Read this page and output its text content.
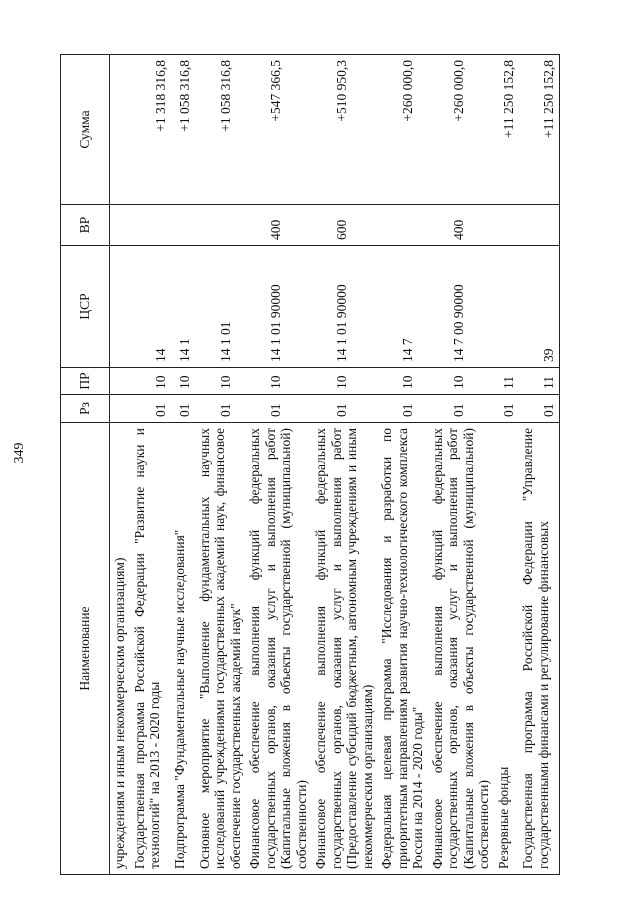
349
Наименование	Рз	ПР	ЦСР	ВР	Сумма
учреждениям и иным некоммерческим организациям)					
Государственная программа Российской Федерации "Развитие науки и технологий" на 2013 - 2020 годы	01	10	14		+1 318 316,8
Подпрограмма "Фундаментальные научные исследования"	01	10	14 1		+1 058 316,8
Основное мероприятие "Выполнение фундаментальных научных исследований учреждениями государственных академий наук, финансовое обеспечение государственных академий наук"	01	10	14 1 01		+1 058 316,8
Финансовое обеспечение выполнения функций федеральных государственных органов, оказания услуг и выполнения работ (Капитальные вложения в объекты государственной (муниципальной) собственности)	01	10	14 1 01 90000	400	+547 366,5
Финансовое обеспечение выполнения функций федеральных государственных органов, оказания услуг и выполнения работ (Предоставление субсидий бюджетным, автономным учреждениям и иным некоммерческим организациям)	01	10	14 1 01 90000	600	+510 950,3
Федеральная целевая программа "Исследования и разработки по приоритетным направлениям развития научно-технологического комплекса России на 2014 - 2020 годы"	01	10	14 7		+260 000,0
Финансовое обеспечение выполнения функций федеральных государственных органов, оказания услуг и выполнения работ (Капитальные вложения в объекты государственной (муниципальной) собственности)	01	10	14 7 00 90000	400	+260 000,0
Резервные фонды	01	11			+11 250 152,8
Государственная программа Российской Федерации "Управление государственными финансами и регулирование финансовых	01	11	39		+11 250 152,8
